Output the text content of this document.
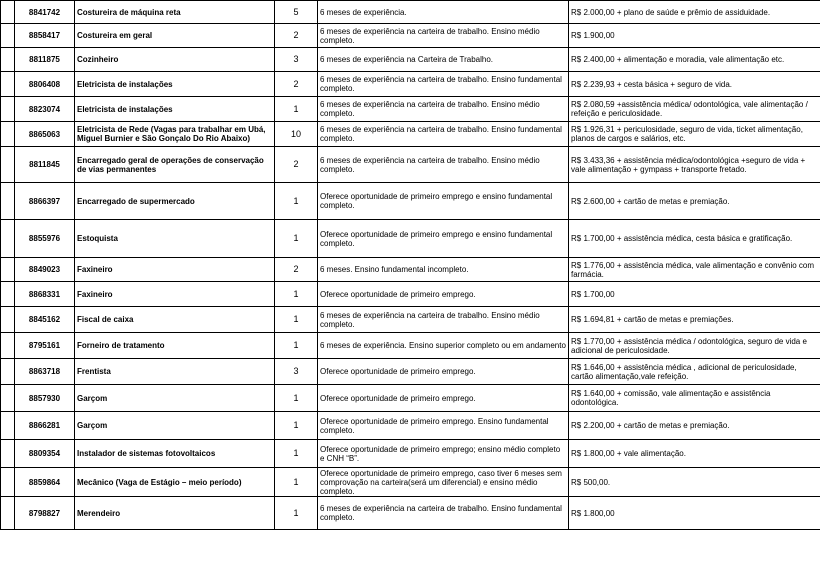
	8841742	Costureira de máquina reta	5	6 meses de experiência.	R$ 2.000,00 + plano de saúde e prêmio de assiduidade.
	8858417	Costureira em geral	2	6 meses de experiência na carteira de trabalho. Ensino médio completo.	R$ 1.900,00
	8811875	Cozinheiro	3	6 meses de experiência na Carteira de Trabalho.	R$ 2.400,00 + alimentação e moradia, vale alimentação etc.
	8806408	Eletricista de instalações	2	6 meses de experiência na carteira de trabalho. Ensino fundamental completo.	R$ 2.239,93 + cesta básica + seguro de vida.
	8823074	Eletricista de instalações	1	6 meses de experiência na carteira de trabalho. Ensino médio completo.	R$ 2.080,59 +assistência médica/ odontológica, vale alimentação / refeição e periculosidade.
	8865063	Eletricista de Rede (Vagas para trabalhar em Ubá, Miguel Burnier e São Gonçalo Do Rio Abaixo)	10	6 meses de experiência na carteira de trabalho. Ensino fundamental completo.	R$ 1.926,31 + periculosidade, seguro de vida, ticket alimentação, planos de cargos e salários, etc.
	8811845	Encarregado geral de operações de conservação de vias permanentes	2	6 meses de experiência na carteira de trabalho. Ensino médio completo.	R$ 3.433,36 + assistência médica/odontológica +seguro de vida + vale alimentação + gympass + transporte fretado.
	8866397	Encarregado de supermercado	1	Oferece oportunidade de primeiro emprego e ensino fundamental completo.	R$ 2.600,00 + cartão de metas e premiação.
	8855976	Estoquista	1	Oferece oportunidade de primeiro emprego e ensino fundamental completo.	R$ 1.700,00 + assistência médica, cesta básica e gratificação.
	8849023	Faxineiro	2	6 meses. Ensino fundamental incompleto.	R$ 1.776,00 + assistência médica, vale alimentação e convênio com farmácia.
	8868331	Faxineiro	1	Oferece oportunidade de primeiro emprego.	R$ 1.700,00
	8845162	Fiscal de caixa	1	6 meses de experiência na carteira de trabalho. Ensino médio completo.	R$ 1.694,81 + cartão de metas e premiações.
	8795161	Forneiro de tratamento	1	6 meses de experiência. Ensino superior completo ou em andamento	R$ 1.770,00 + assistência médica / odontológica, seguro de vida e adicional de periculosidade.
	8863718	Frentista	3	Oferece oportunidade de primeiro emprego.	R$ 1.646,00 + assistência médica , adicional de periculosidade, cartão alimentação,vale refeição.
	8857930	Garçom	1	Oferece oportunidade de primeiro emprego.	R$ 1.640,00 + comissão, vale alimentação e assistência odontológica.
	8866281	Garçom	1	Oferece oportunidade de primeiro emprego. Ensino fundamental completo.	R$ 2.200,00 + cartão de metas e premiação.
	8809354	Instalador de sistemas fotovoltaicos	1	Oferece oportunidade de primeiro emprego; ensino médio completo e CNH “B”.	R$ 1.800,00 + vale alimentação.
	8859864	Mecânico (Vaga de Estágio – meio período)	1	Oferece oportunidade de primeiro emprego, caso tiver 6 meses sem comprovação na carteira(será um diferencial) e ensino médio completo.	R$ 500,00.
	8798827	Merendeiro	1	6 meses de experiência na carteira de trabalho. Ensino fundamental completo.	R$ 1.800,00
